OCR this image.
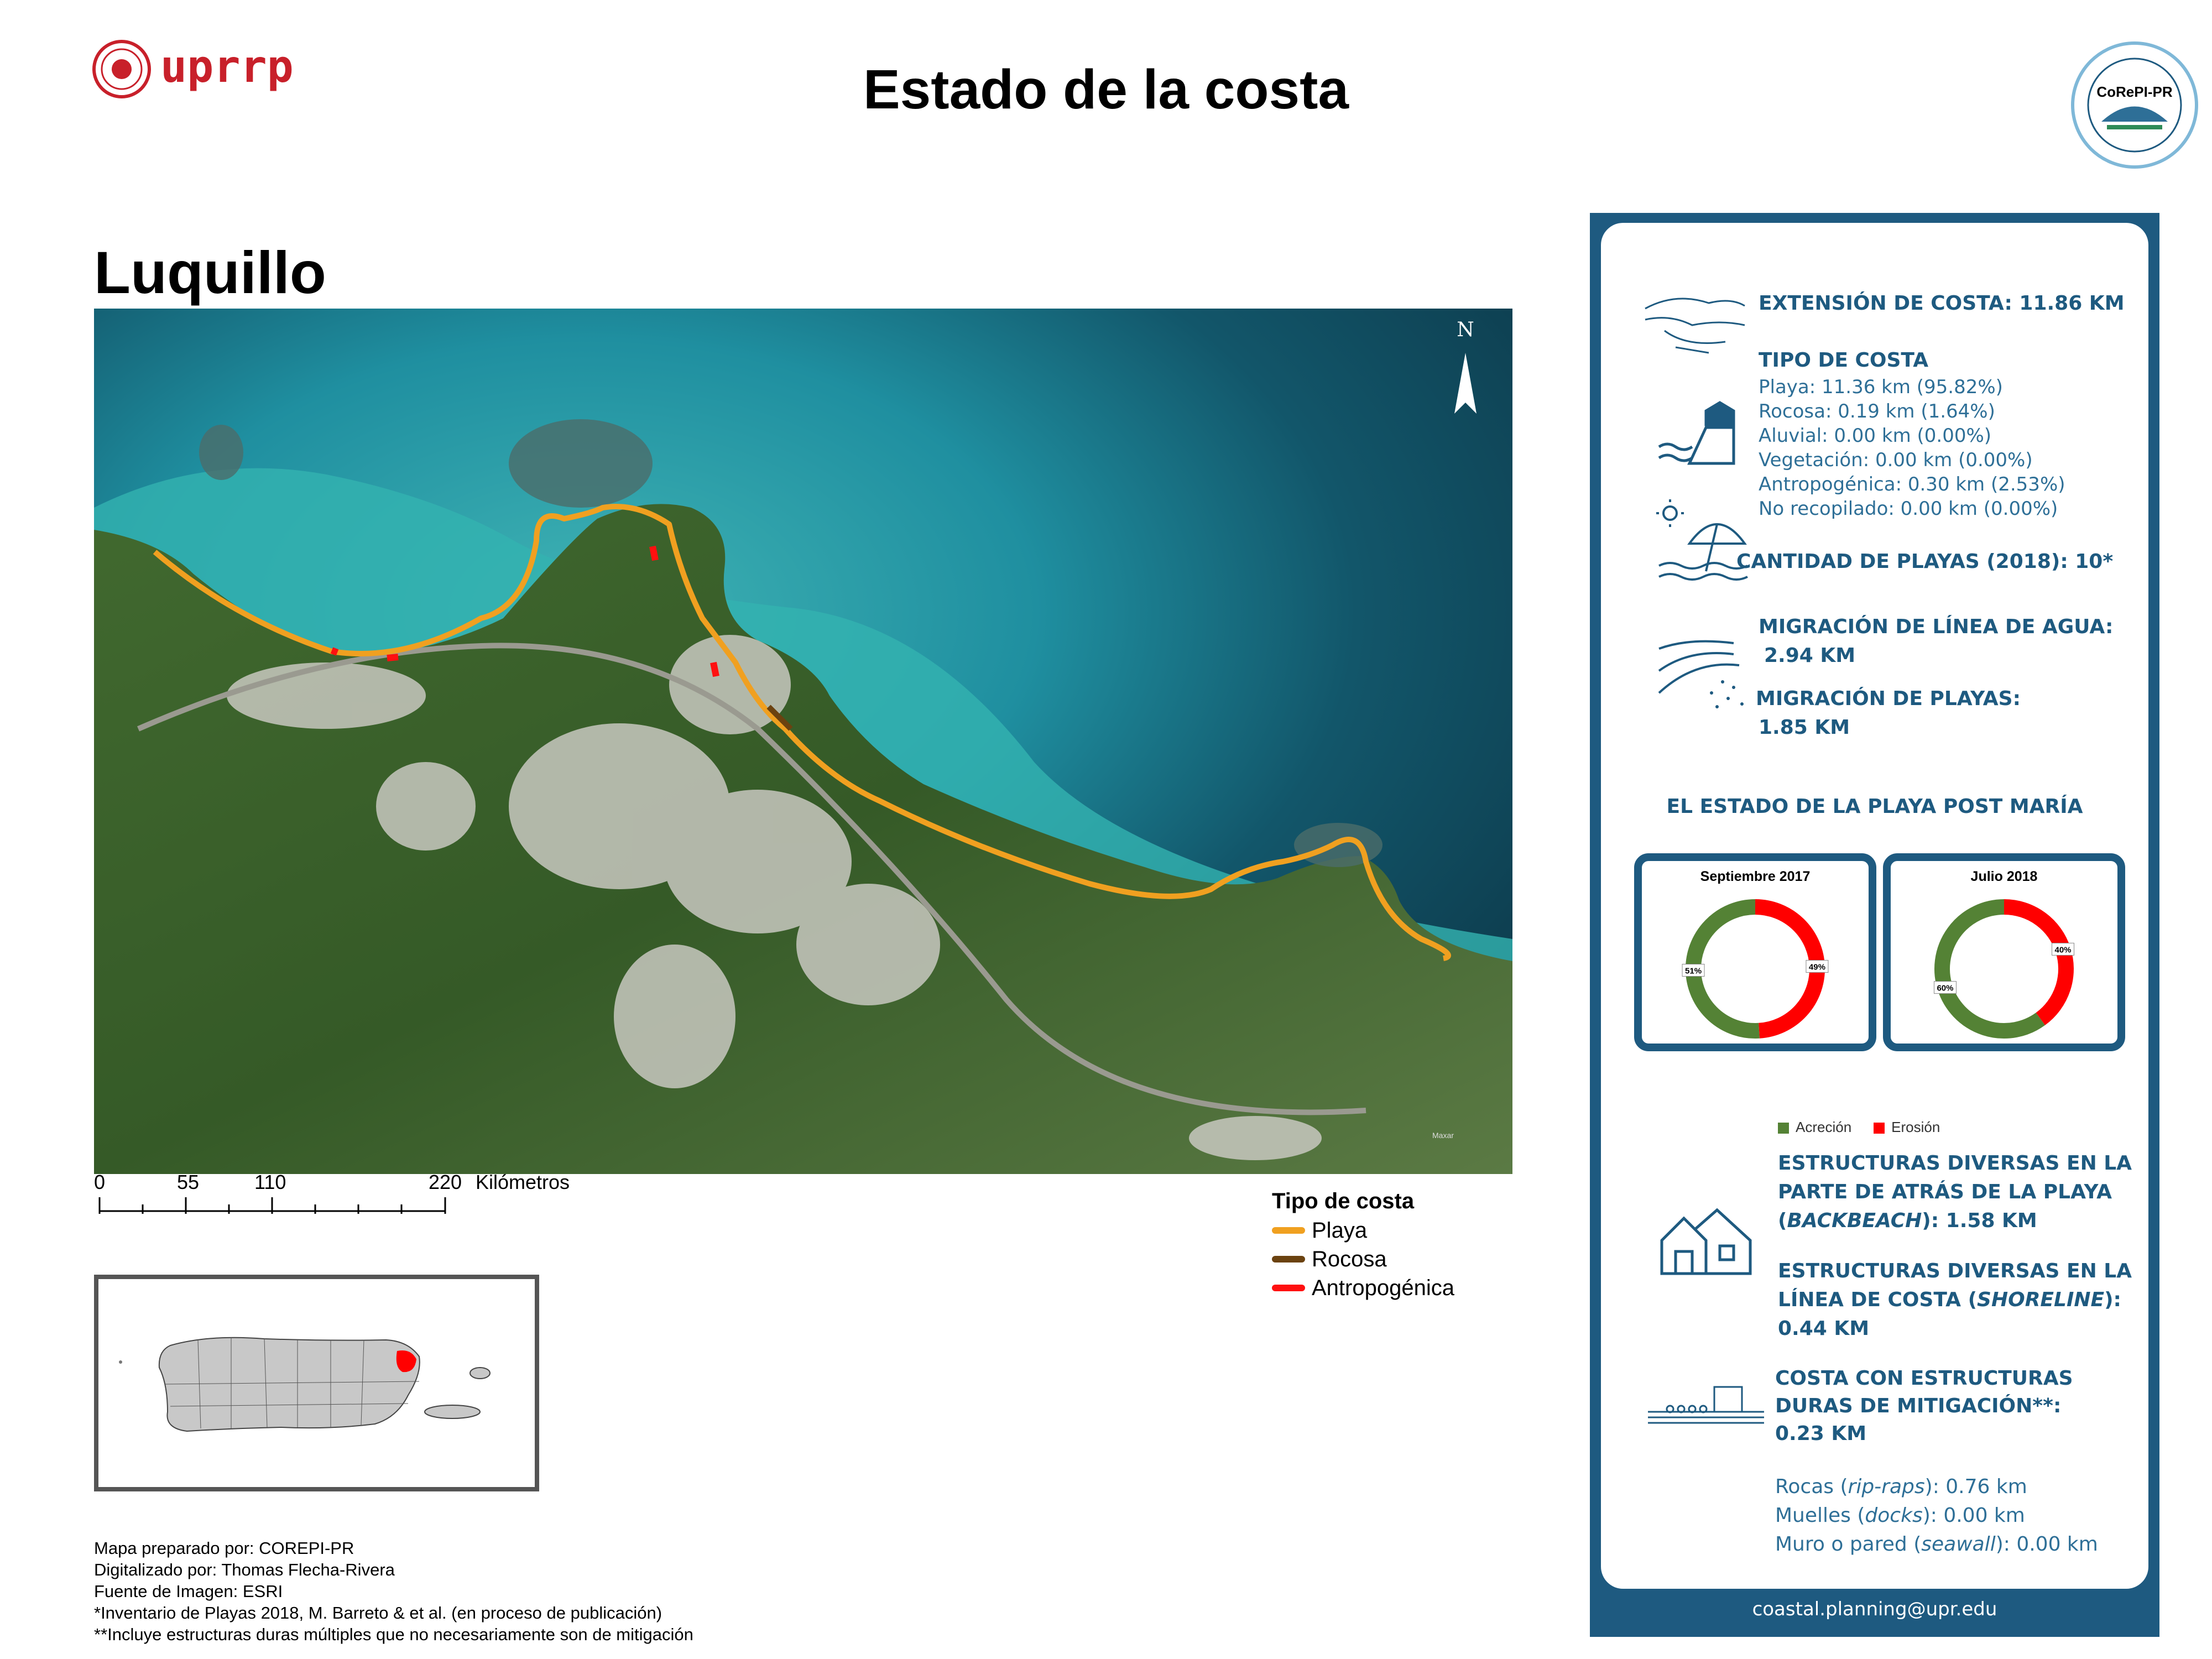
uprrp	Estado de la costa	CoRePI-PR
Luquillo
N
Maxar
0	55	110	220 Kilómetros
Tipo de costa
Playa
Rocosa
Antropogénica
Mapa preparado por: COREPI-PR
Digitalizado por: Thomas Flecha-Rivera
Fuente de Imagen: ESRI
*Inventario de Playas 2018, M. Barreto & et al. (en proceso de publicación)
**Incluye estructuras duras múltiples que no necesariamente son de mitigación
EXTENSIÓN DE COSTA: 11.86 KM
TIPO DE COSTA
Playa: 11.36 km (95.82%)
Rocosa: 0.19 km (1.64%)
Aluvial: 0.00 km (0.00%)
Vegetación: 0.00 km (0.00%)
Antropogénica: 0.30 km (2.53%)
No recopilado: 0.00 km (0.00%)
CANTIDAD DE PLAYAS (2018): 10*
MIGRACIÓN DE LÍNEA DE AGUA:
2.94 KM
MIGRACIÓN DE PLAYAS:
1.85 KM
EL ESTADO DE LA PLAYA POST MARÍA
Septiembre 2017
49%
51%
Julio 2018
40%
60%
Acreción	Erosión
ESTRUCTURAS DIVERSAS EN LA
PARTE DE ATRÁS DE LA PLAYA
(BACKBEACH): 1.58 KM
ESTRUCTURAS DIVERSAS EN LA
LÍNEA DE COSTA (SHORELINE):
0.44 KM
COSTA CON ESTRUCTURAS
DURAS DE MITIGACIÓN**:
0.23 KM
Rocas (rip-raps): 0.76 km
Muelles (docks): 0.00 km
Muro o pared (seawall): 0.00 km
coastal.planning@upr.edu
